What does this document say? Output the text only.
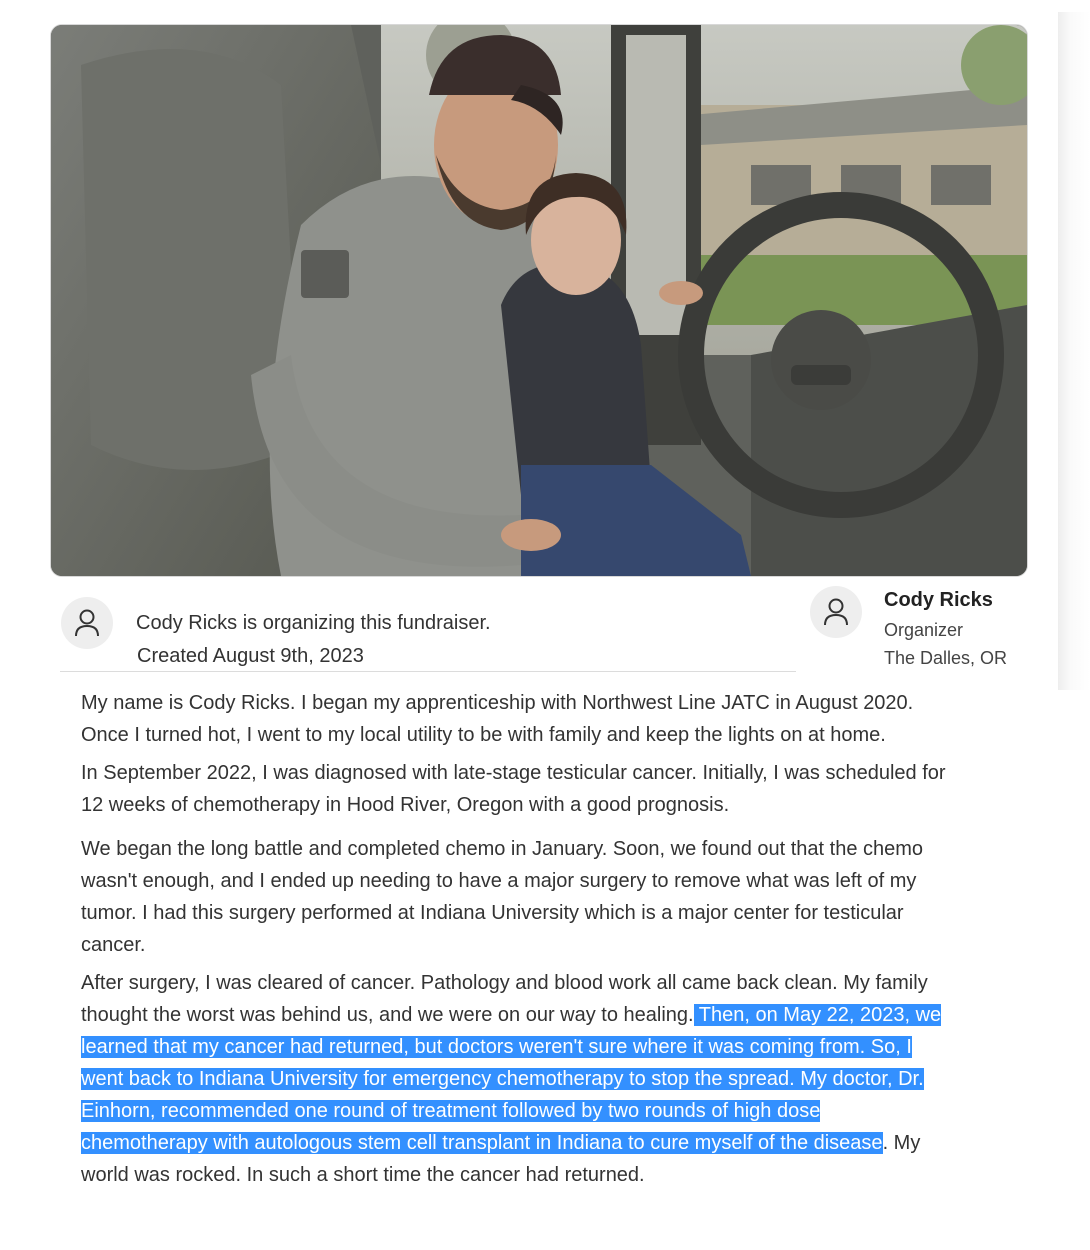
Cody Ricks is organizing this fundraiser.
Created August 9th, 2023
Cody Ricks
Organizer
The Dalles, OR

My name is Cody Ricks. I began my apprenticeship with Northwest Line JATC in August 2020. Once I turned hot, I went to my local utility to be with family and keep the lights on at home.

In September 2022, I was diagnosed with late-stage testicular cancer. Initially, I was scheduled for 12 weeks of chemotherapy in Hood River, Oregon with a good prognosis.

We began the long battle and completed chemo in January. Soon, we found out that the chemo wasn't enough, and I ended up needing to have a major surgery to remove what was left of my tumor. I had this surgery performed at Indiana University which is a major center for testicular cancer.

After surgery, I was cleared of cancer. Pathology and blood work all came back clean. My family thought the worst was behind us, and we were on our way to healing. Then, on May 22, 2023, we learned that my cancer had returned, but doctors weren't sure where it was coming from. So, I went back to Indiana University for emergency chemotherapy to stop the spread. My doctor, Dr. Einhorn, recommended one round of treatment followed by two rounds of high dose chemotherapy with autologous stem cell transplant in Indiana to cure myself of the disease. My world was rocked. In such a short time the cancer had returned.
